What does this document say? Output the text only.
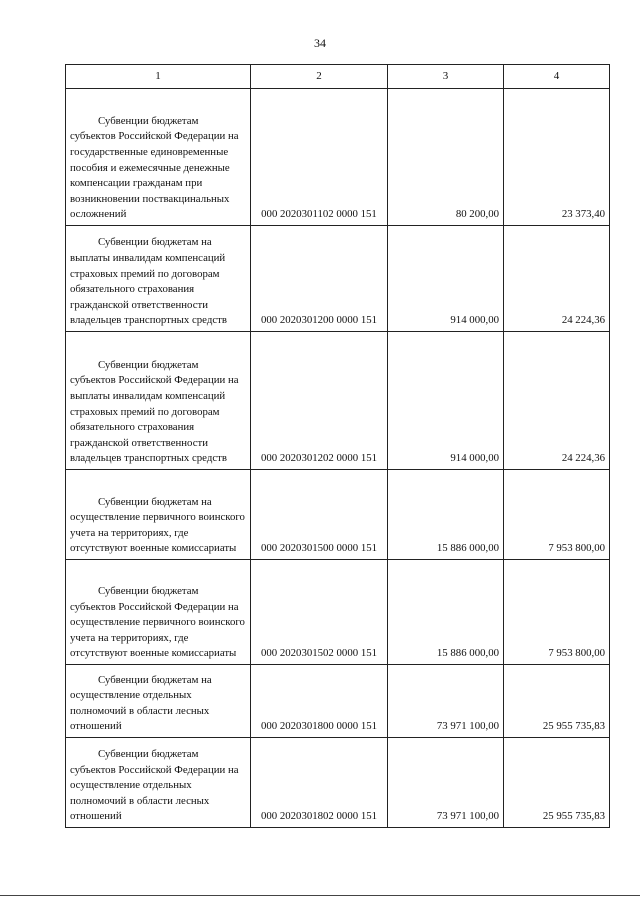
34
1	2	3	4

Субвенции бюджетам субъектов Российской Федерации на государственные единовременные пособия и ежемесячные денежные компенсации гражданам при возникновении поствакцинальных осложнений	000 2020301102 0000 151	80 200,00	23 373,40

Субвенции бюджетам на выплаты инвалидам компенсаций страховых премий по договорам обязательного страхования гражданской ответственности владельцев транспортных средств	000 2020301200 0000 151	914 000,00	24 224,36

Субвенции бюджетам субъектов Российской Федерации на выплаты инвалидам компенсаций страховых премий по договорам обязательного страхования гражданской ответственности владельцев транспортных средств	000 2020301202 0000 151	914 000,00	24 224,36

Субвенции бюджетам на осуществление первичного воинского учета на территориях, где отсутствуют военные комиссариаты	000 2020301500 0000 151	15 886 000,00	7 953 800,00

Субвенции бюджетам субъектов Российской Федерации на осуществление первичного воинского учета на территориях, где отсутствуют военные комиссариаты	000 2020301502 0000 151	15 886 000,00	7 953 800,00

Субвенции бюджетам на осуществление отдельных полномочий в области лесных отношений	000 2020301800 0000 151	73 971 100,00	25 955 735,83

Субвенции бюджетам субъектов Российской Федерации на осуществление отдельных полномочий в области лесных отношений	000 2020301802 0000 151	73 971 100,00	25 955 735,83
